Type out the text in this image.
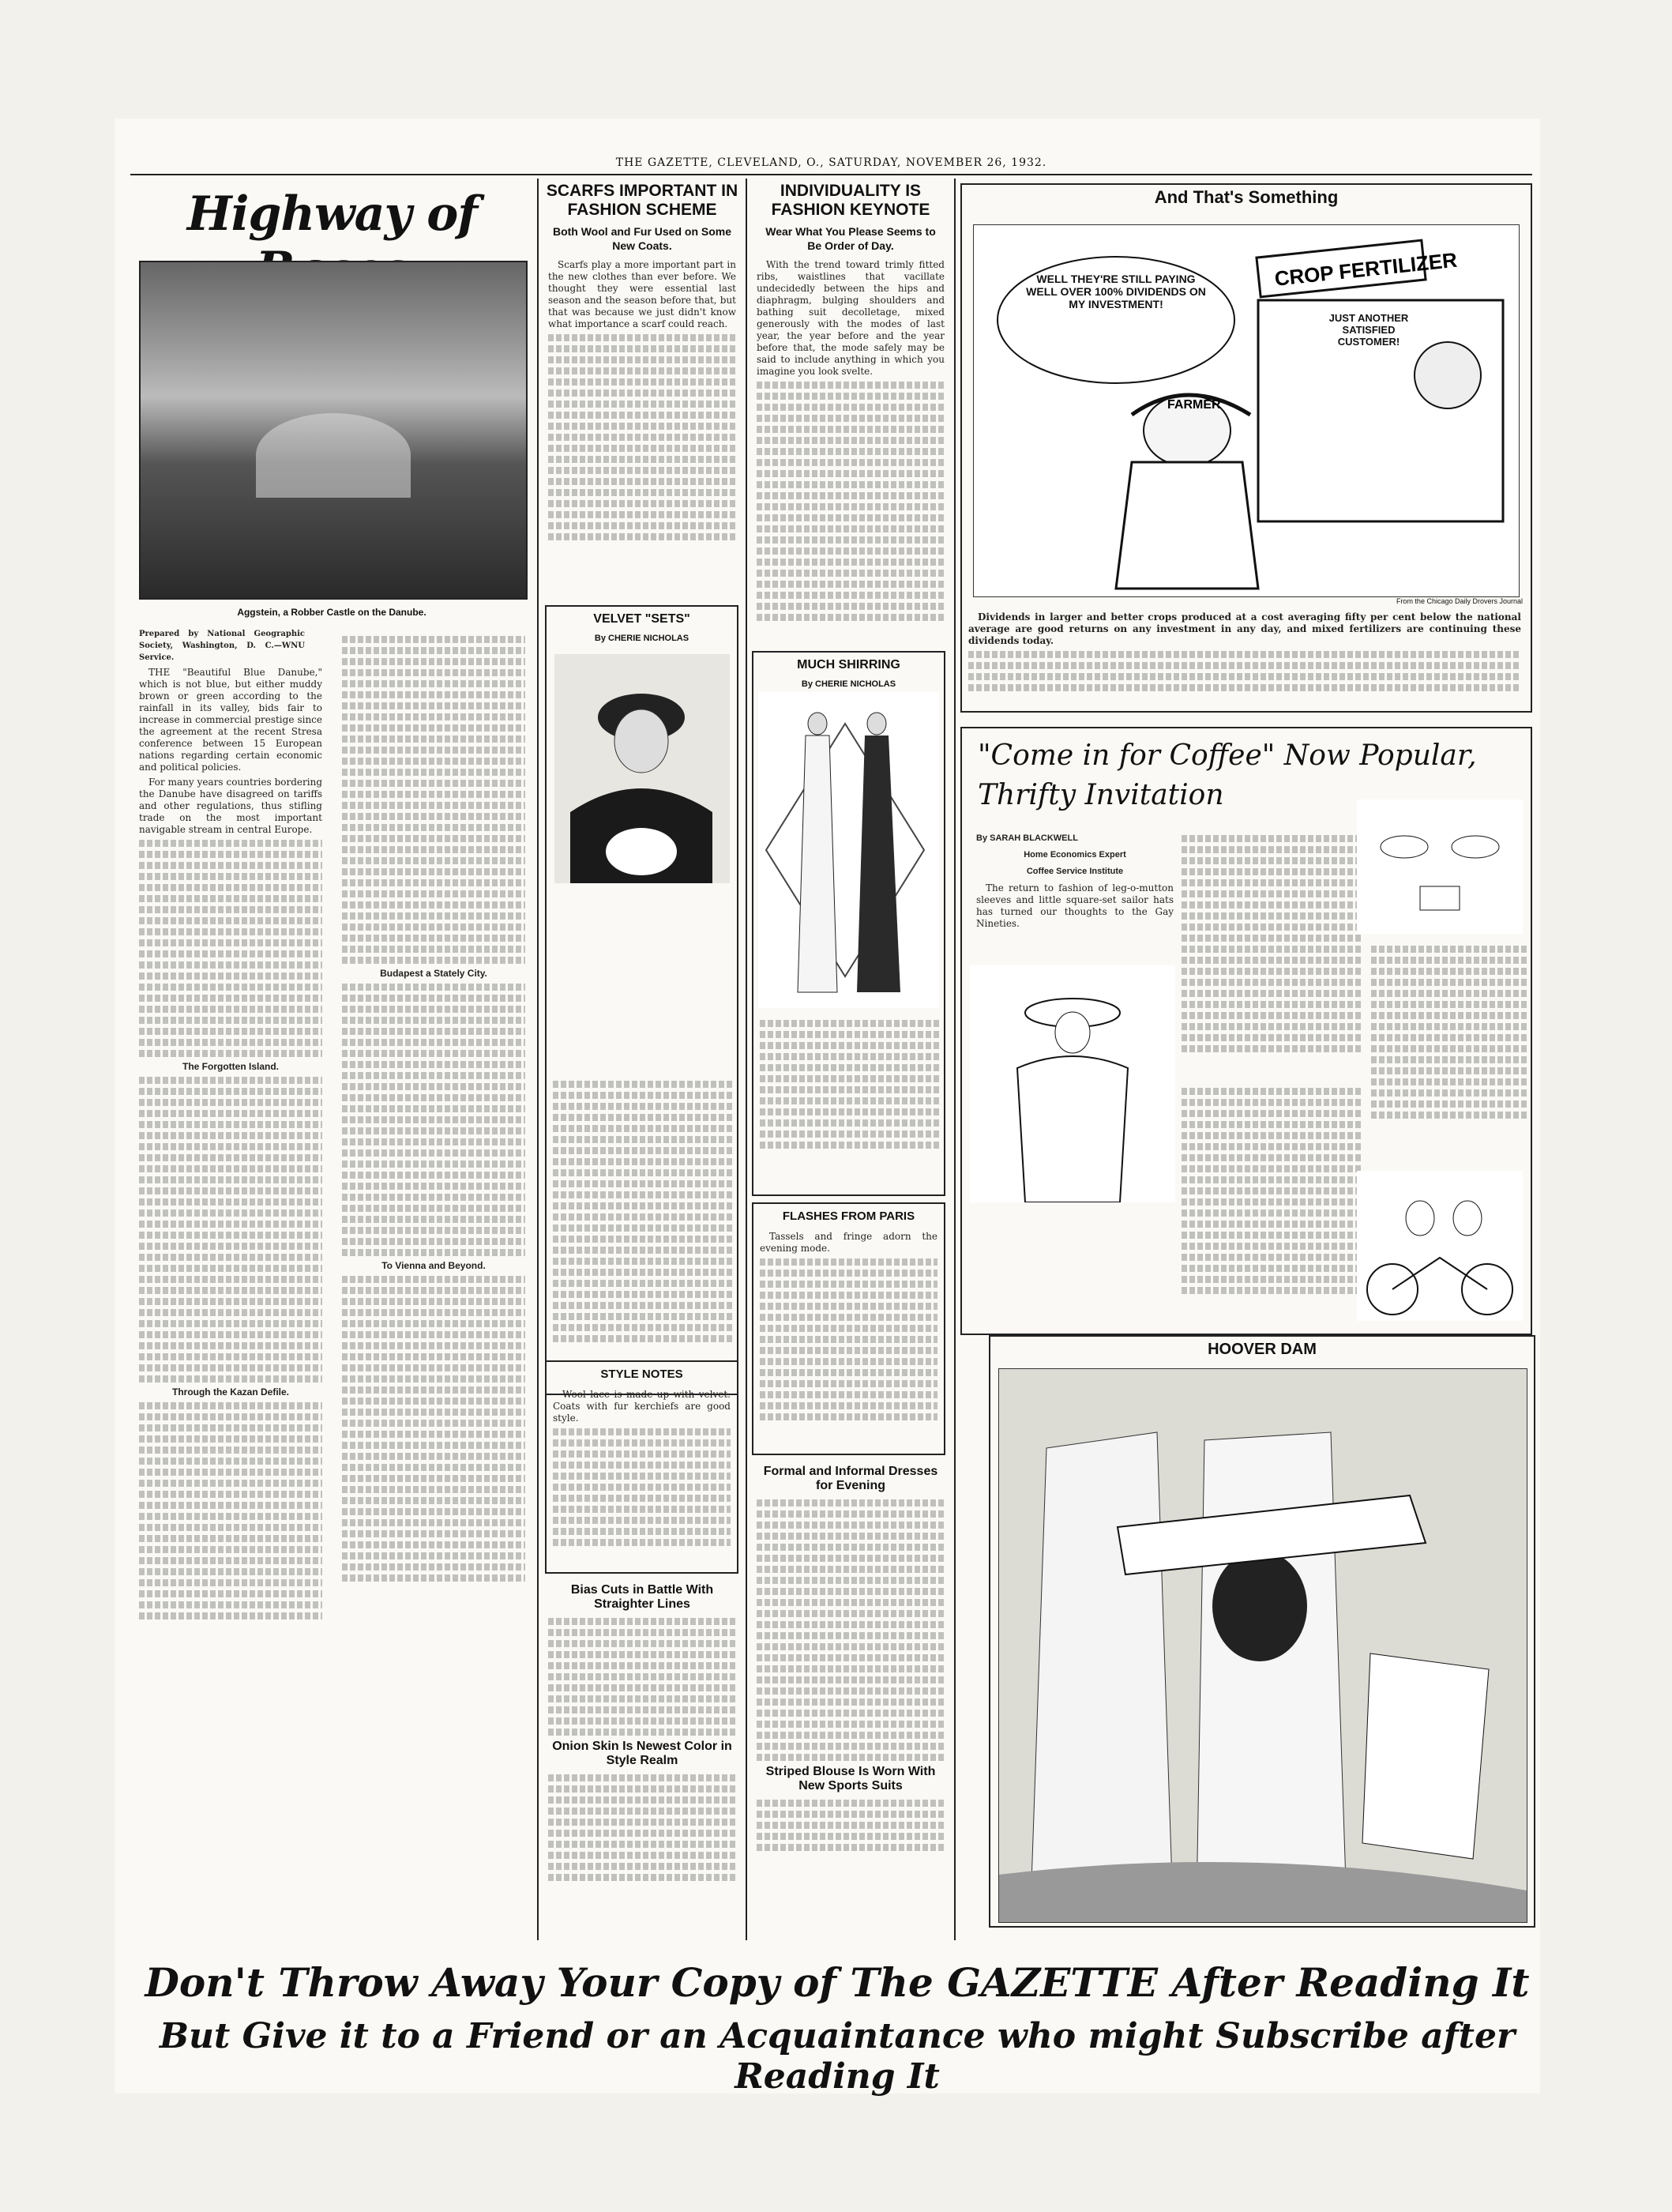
THE GAZETTE, CLEVELAND, O., SATURDAY, NOVEMBER 26, 1932.
Highway of
Aggstein, a Robber Castle on the Danube.
Prepared by National Geographic Society, Washington, D. C.—WNU Service.

THE "Beautiful Blue Danube," which is not blue, but either muddy brown or green according to the rainfall in its valley, bids fair to increase in commercial prestige since the agreement at the recent Stresa conference between 15 European nations regarding certain economic and political policies.

For many years countries bordering the Danube have disagreed on tariffs and other regulations, thus stifling trade on the most important navigable stream in central Europe.

The Forgotten Island.
Through the Kazan Defile.
Budapest a Stately City.
To Vienna and Beyond.
SCARFS IMPORTANT IN FASHION SCHEME
Both Wool and Fur Used on Some New Coats.

Scarfs play a more important part in the new clothes than ever before. We thought they were essential last season and the season before that, but that was because we just didn't know what importance a scarf could reach.

VELVET "SETS"
By CHERIE NICHOLAS
STYLE NOTES

Wool lace is made up with velvet. Coats with fur kerchiefs are good style.

Bias Cuts in Battle With Straighter Lines
Onion Skin Is Newest Color in Style Realm
INDIVIDUALITY IS FASHION KEYNOTE
Wear What You Please Seems to Be Order of Day.

With the trend toward trimly fitted ribs, waistlines that vacillate undecidedly between the hips and diaphragm, bulging shoulders and bathing suit decolletage, mixed generously with the modes of last year, the year before and the year before that, the mode safely may be said to include anything in which you imagine you look svelte.

MUCH SHIRRING
By CHERIE NICHOLAS
FLASHES FROM PARIS

Tassels and fringe adorn the evening mode.

Formal and Informal Dresses for Evening
Striped Blouse Is Worn With New Sports Suits
And That's Something
CROP FERTILIZER
WELL THEY'RE STILL PAYING WELL OVER 100% DIVIDENDS ON MY INVESTMENT!
JUST ANOTHER SATISFIED CUSTOMER!
FARMER
From the Chicago Daily Drovers Journal

Dividends in larger and better crops produced at a cost averaging fifty per cent below the national average are good returns on any investment in any day, and mixed fertilizers are continuing these dividends today.

"Come in for Coffee" Now Popular, Thrifty Invitation
By SARAH BLACKWELL
Home Economics Expert
Coffee Service Institute

The return to fashion of leg-o-mutton sleeves and little square-set sailor hats has turned our thoughts to the Gay Nineties.

HOOVER DAM
Don't Throw Away Your Copy of The GAZETTE After Reading It
But Give it to a Friend or an Acquaintance who might Subscribe after Reading It
